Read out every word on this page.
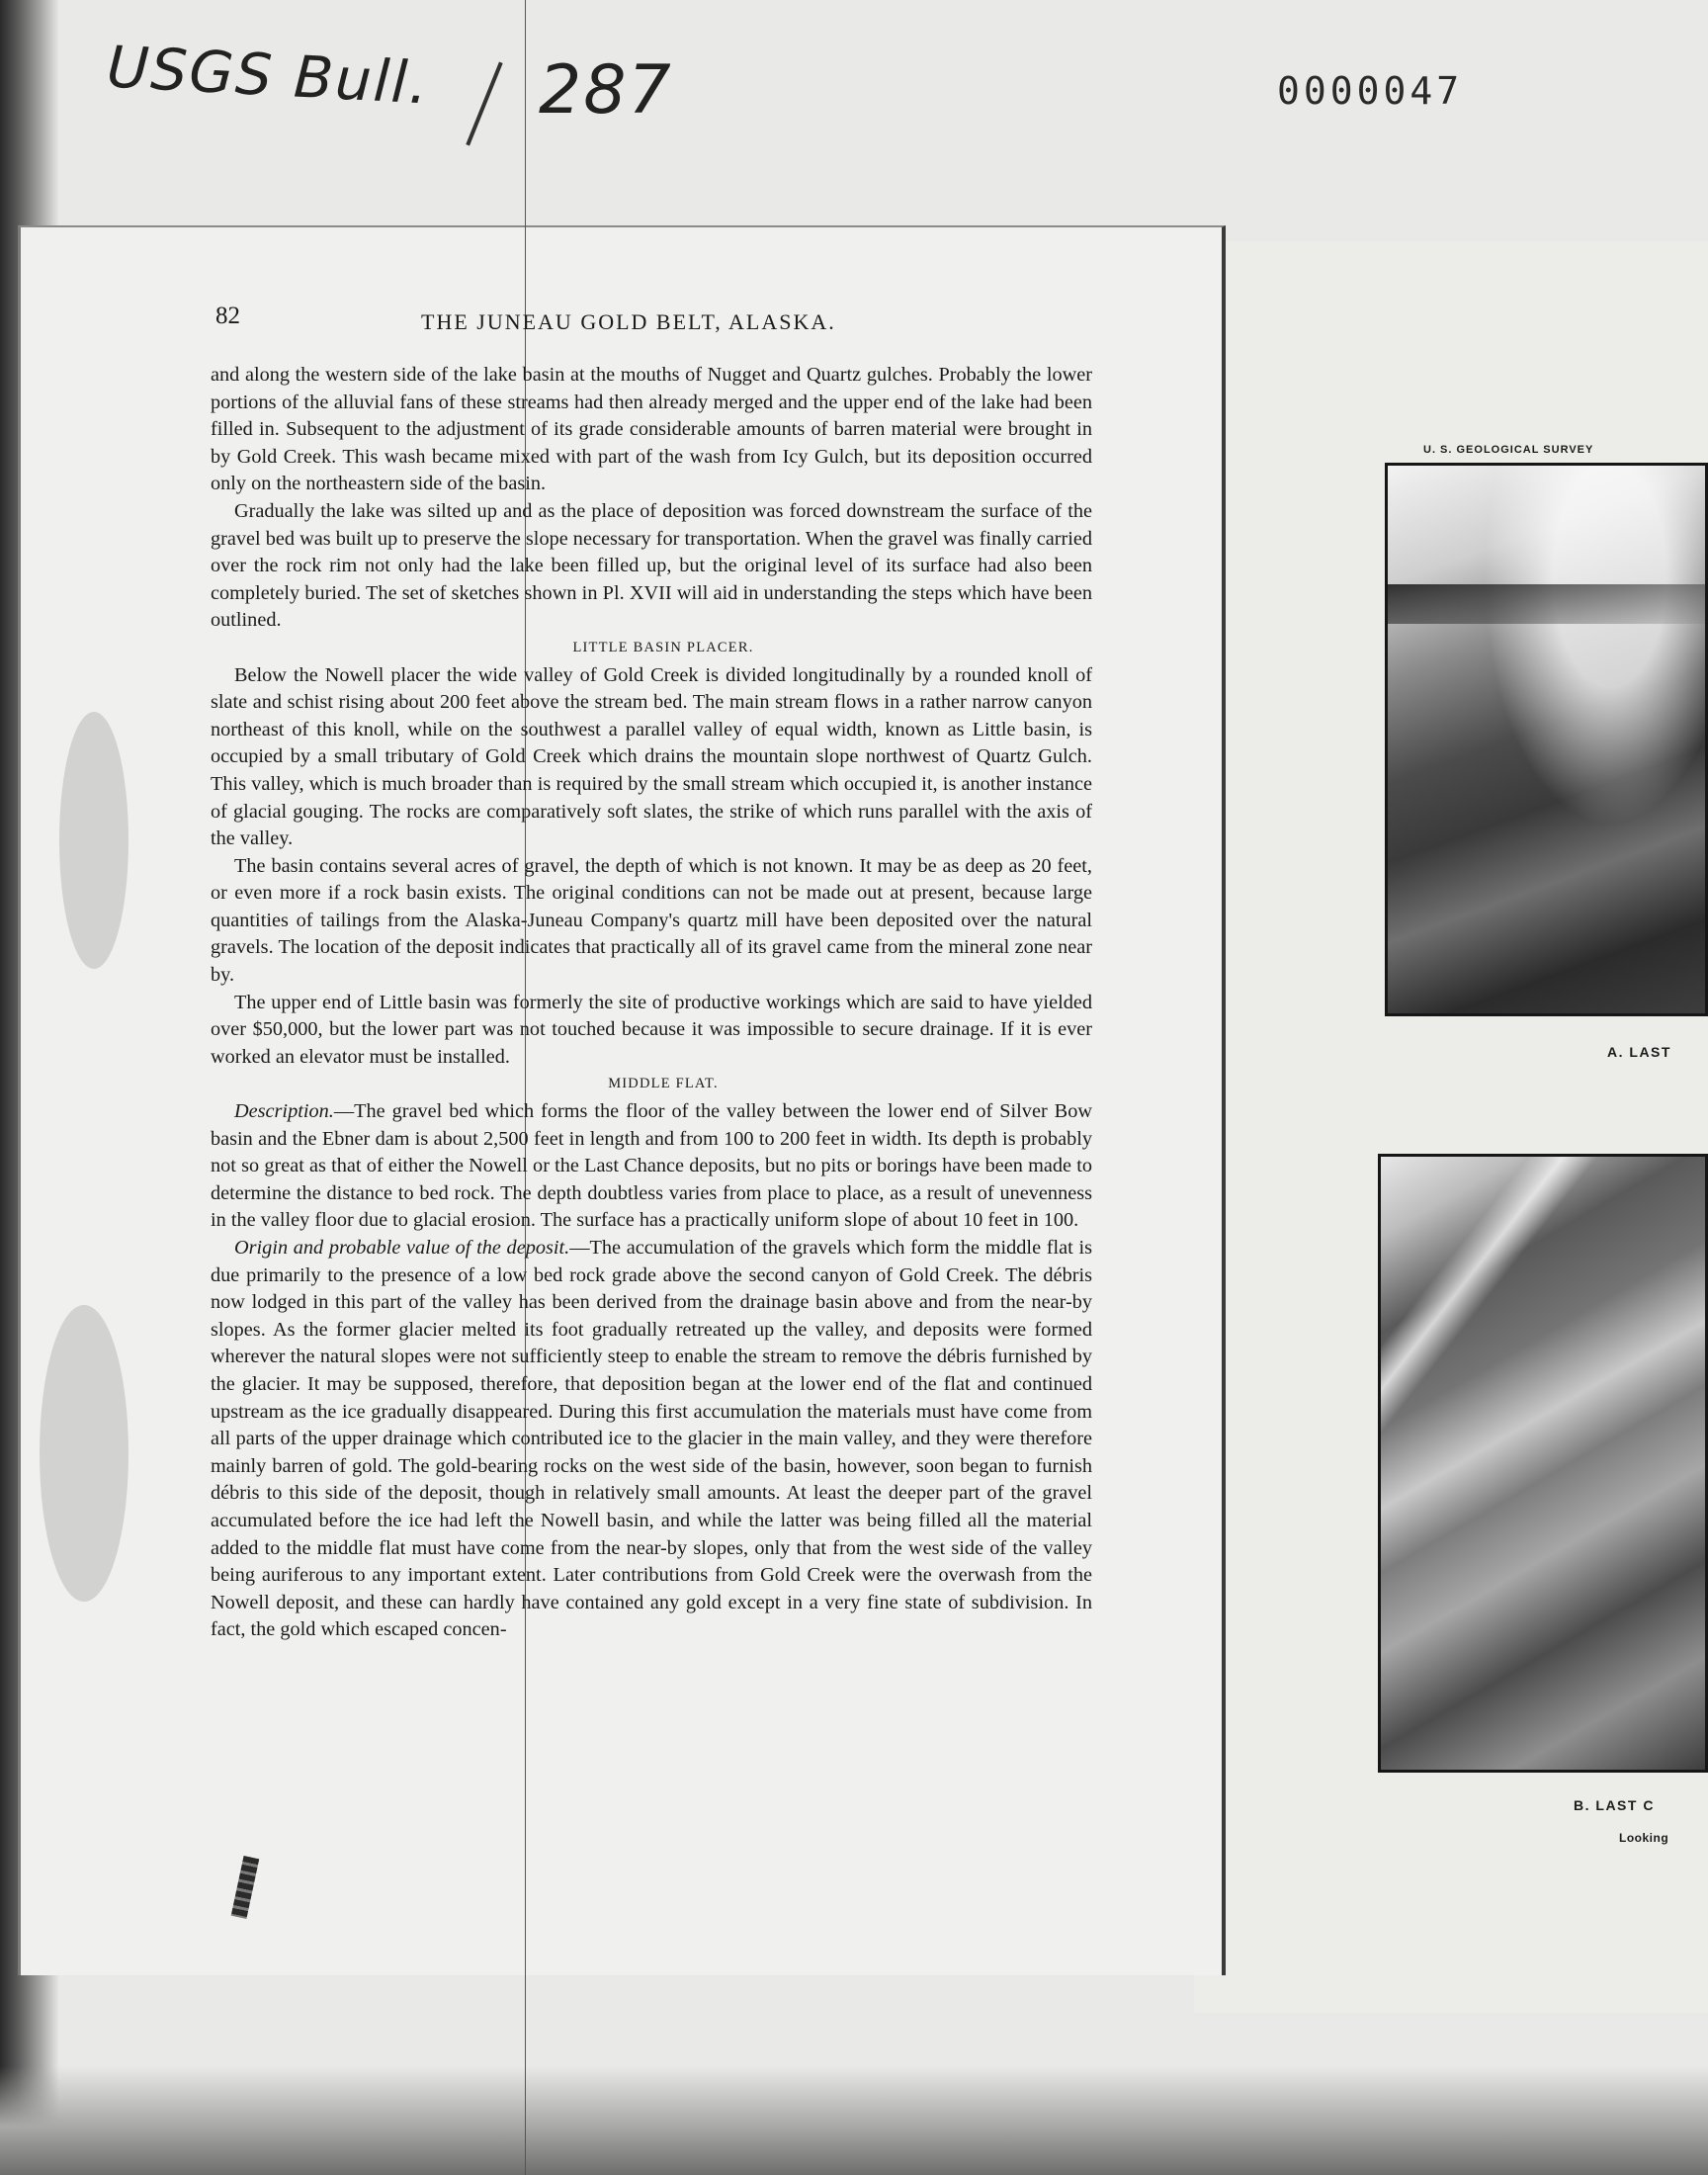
USGS Bull. 287	0000047
82	THE JUNEAU GOLD BELT, ALASKA.

and along the western side of the lake basin at the mouths of Nugget and Quartz gulches. Probably the lower portions of the alluvial fans of these streams had then already merged and the upper end of the lake had been filled in. Subsequent to the adjustment of its grade considerable amounts of barren material were brought in by Gold Creek. This wash became mixed with part of the wash from Icy Gulch, but its deposition occurred only on the northeastern side of the basin.

Gradually the lake was silted up and as the place of deposition was forced downstream the surface of the gravel bed was built up to preserve the slope necessary for transportation. When the gravel was finally carried over the rock rim not only had the lake been filled up, but the original level of its surface had also been completely buried. The set of sketches shown in Pl. XVII will aid in understanding the steps which have been outlined.

LITTLE BASIN PLACER.

Below the Nowell placer the wide valley of Gold Creek is divided longitudinally by a rounded knoll of slate and schist rising about 200 feet above the stream bed. The main stream flows in a rather narrow canyon northeast of this knoll, while on the southwest a parallel valley of equal width, known as Little basin, is occupied by a small tributary of Gold Creek which drains the mountain slope northwest of Quartz Gulch. This valley, which is much broader than is required by the small stream which occupied it, is another instance of glacial gouging. The rocks are comparatively soft slates, the strike of which runs parallel with the axis of the valley.

The basin contains several acres of gravel, the depth of which is not known. It may be as deep as 20 feet, or even more if a rock basin exists. The original conditions can not be made out at present, because large quantities of tailings from the Alaska-Juneau Company's quartz mill have been deposited over the natural gravels. The location of the deposit indicates that practically all of its gravel came from the mineral zone near by.

The upper end of Little basin was formerly the site of productive workings which are said to have yielded over $50,000, but the lower part was not touched because it was impossible to secure drainage. If it is ever worked an elevator must be installed.

MIDDLE FLAT.

Description.—The gravel bed which forms the floor of the valley between the lower end of Silver Bow basin and the Ebner dam is about 2,500 feet in length and from 100 to 200 feet in width. Its depth is probably not so great as that of either the Nowell or the Last Chance deposits, but no pits or borings have been made to determine the distance to bed rock. The depth doubtless varies from place to place, as a result of unevenness in the valley floor due to glacial erosion. The surface has a practically uniform slope of about 10 feet in 100.

Origin and probable value of the deposit.—The accumulation of the gravels which form the middle flat is due primarily to the presence of a low bed rock grade above the second canyon of Gold Creek. The débris now lodged in this part of the valley has been derived from the drainage basin above and from the near-by slopes. As the former glacier melted its foot gradually retreated up the valley, and deposits were formed wherever the natural slopes were not sufficiently steep to enable the stream to remove the débris furnished by the glacier. It may be supposed, therefore, that deposition began at the lower end of the flat and continued upstream as the ice gradually disappeared. During this first accumulation the materials must have come from all parts of the upper drainage which contributed ice to the glacier in the main valley, and they were therefore mainly barren of gold. The gold-bearing rocks on the west side of the basin, however, soon began to furnish débris to this side of the deposit, though in relatively small amounts. At least the deeper part of the gravel accumulated before the ice had left the Nowell basin, and while the latter was being filled all the material added to the middle flat must have come from the near-by slopes, only that from the west side of the valley being auriferous to any important extent. Later contributions from Gold Creek were the overwash from the Nowell deposit, and these can hardly have contained any gold except in a very fine state of subdivision. In fact, the gold which escaped concen-

U. S. GEOLOGICAL SURVEY
A. LAST
B. LAST C
Looking
